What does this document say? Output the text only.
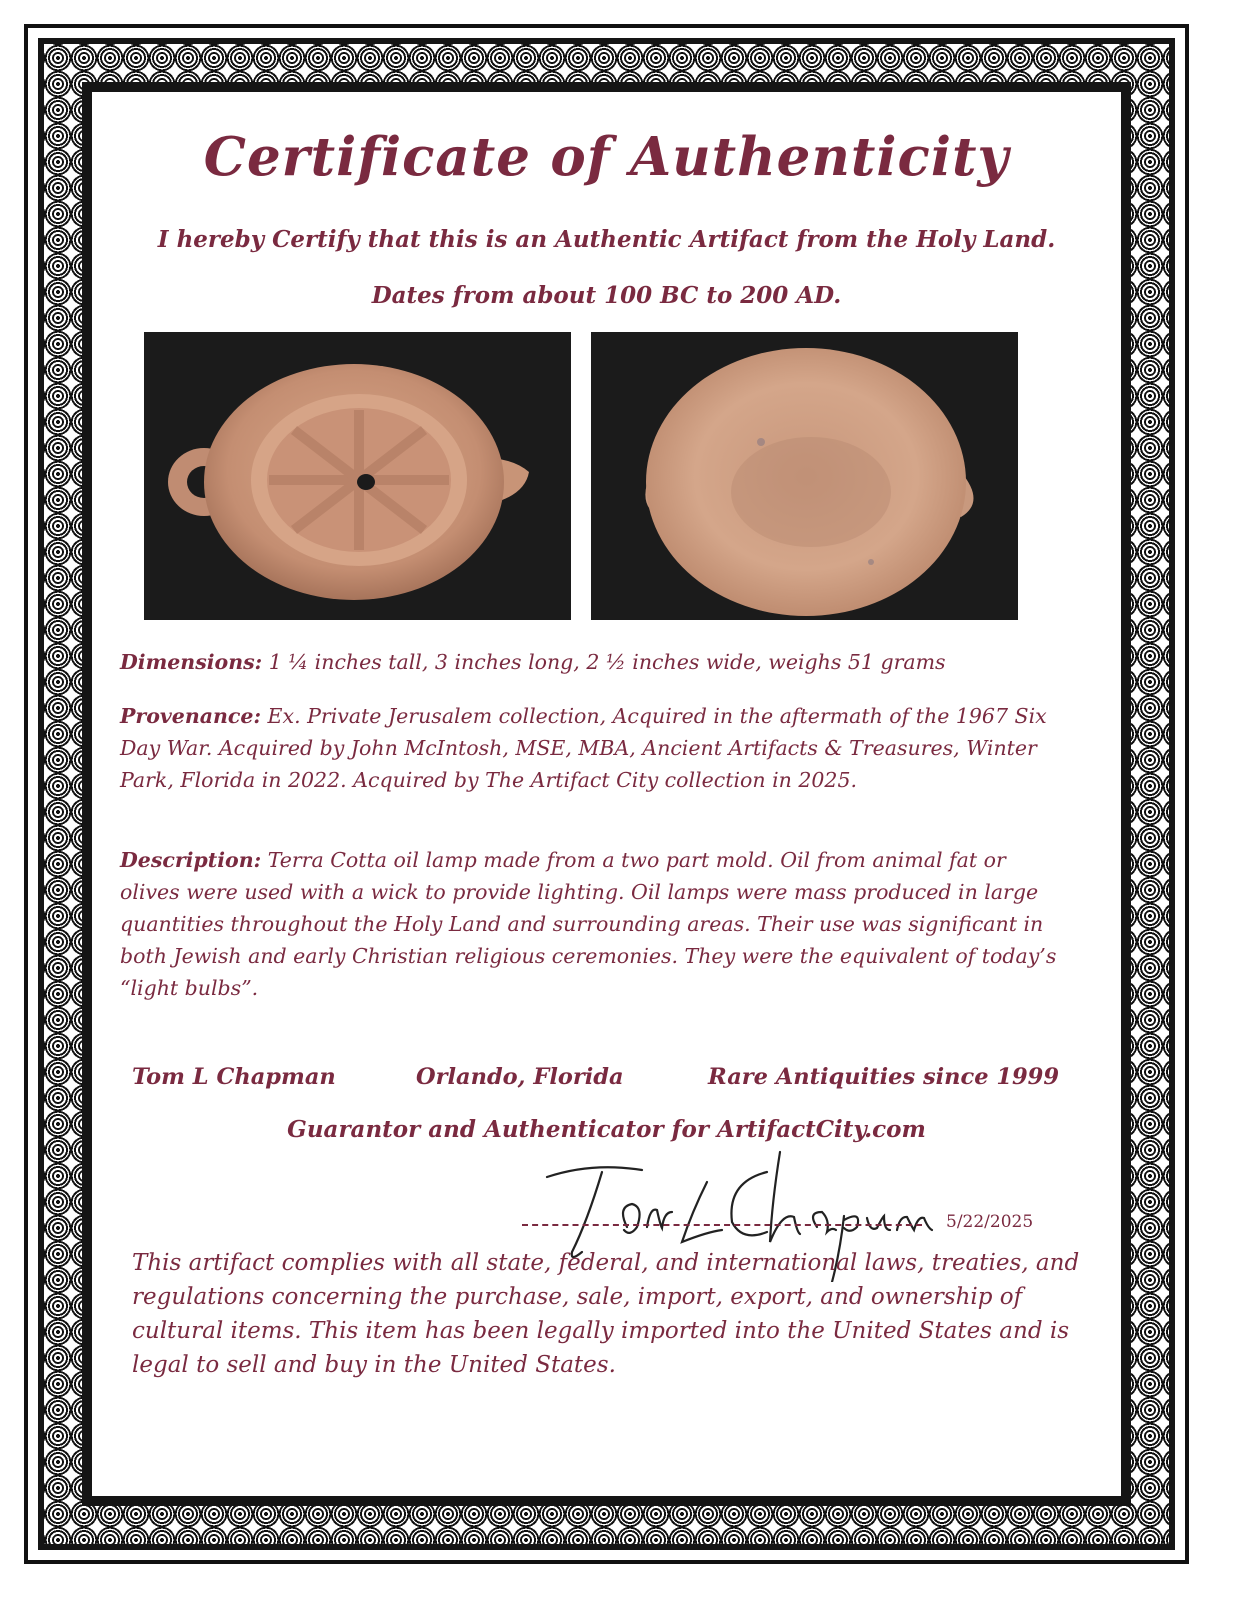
Certificate of Authenticity
I hereby Certify that this is an Authentic Artifact from the Holy Land.
Dates from about 100 BC to 200 AD.
Dimensions: 1 ¼ inches tall, 3 inches long, 2 ½ inches wide, weighs 51 grams
Provenance: Ex. Private Jerusalem collection, Acquired in the aftermath of the 1967 Six Day War. Acquired by John McIntosh, MSE, MBA, Ancient Artifacts & Treasures, Winter Park, Florida in 2022. Acquired by The Artifact City collection in 2025.
Description: Terra Cotta oil lamp made from a two part mold. Oil from animal fat or olives were used with a wick to provide lighting. Oil lamps were mass produced in large quantities throughout the Holy Land and surrounding areas. Their use was significant in both Jewish and early Christian religious ceremonies. They were the equivalent of today’s “light bulbs”.
Tom L Chapman	Orlando, Florida	Rare Antiquities since 1999
Guarantor and Authenticator for ArtifactCity.com
5/22/2025
This artifact complies with all state, federal, and international laws, treaties, and regulations concerning the purchase, sale, import, export, and ownership of cultural items. This item has been legally imported into the United States and is legal to sell and buy in the United States.
